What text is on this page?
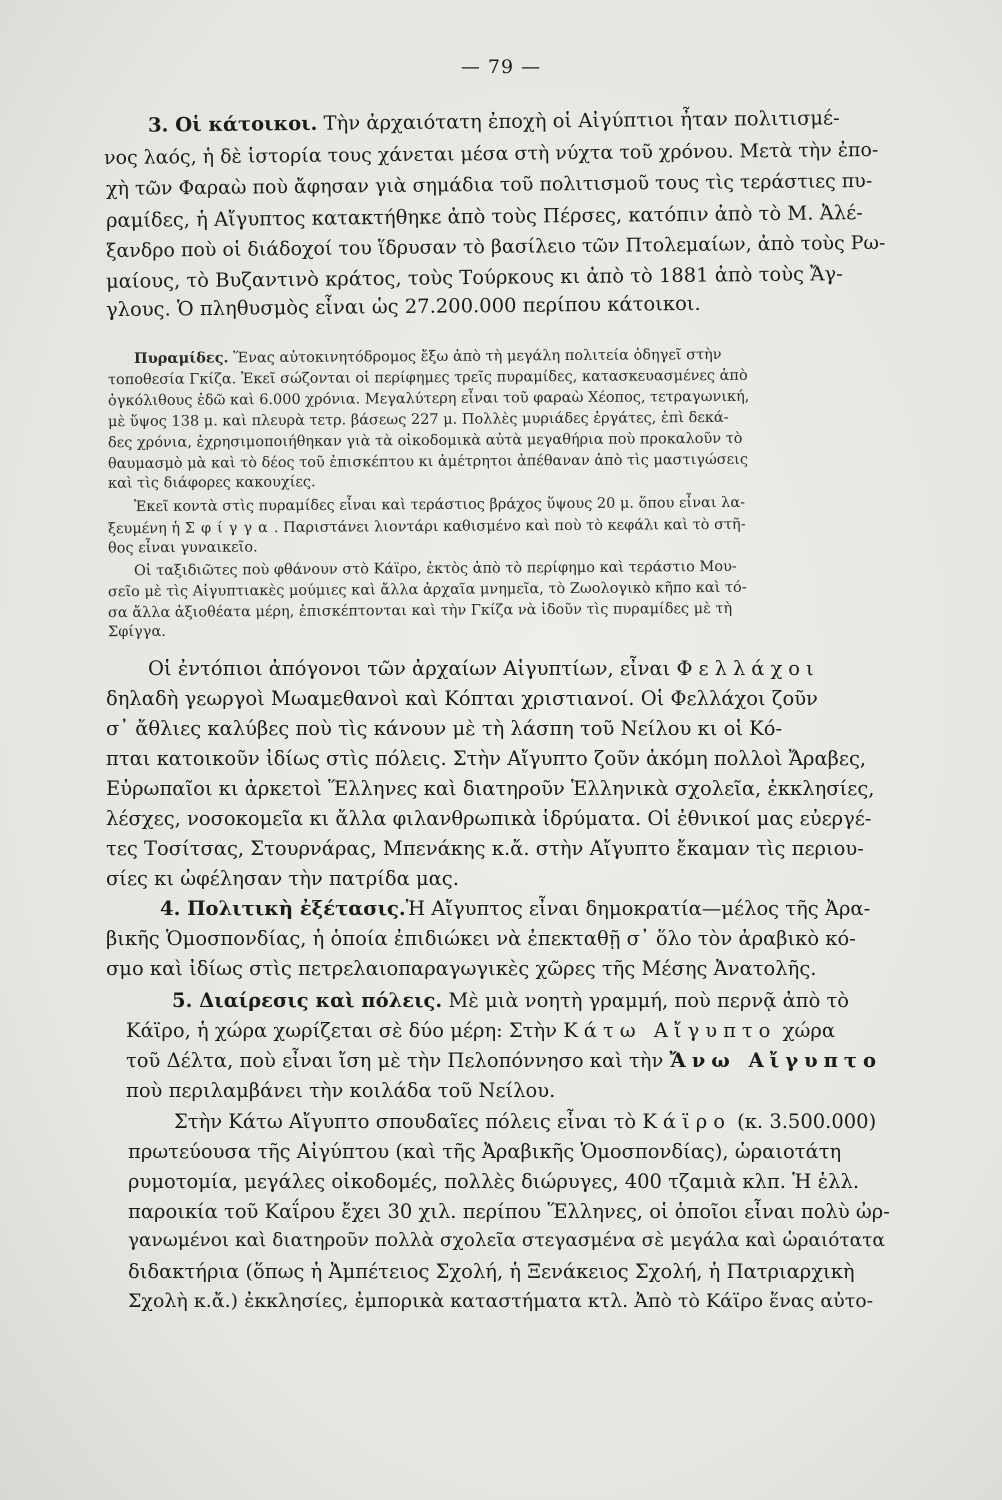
— 79 —
3. Οἱ κάτοικοι. Τὴν ἀρχαιότατη ἐποχὴ οἱ Αἰγύπτιοι ἦταν πολιτισμέ-
νος λαός, ἡ δὲ ἱστορία τους χάνεται μέσα στὴ νύχτα τοῦ χρόνου. Μετὰ τὴν ἐπο-
χὴ τῶν Φαραὼ ποὺ ἄφησαν γιὰ σημάδια τοῦ πολιτισμοῦ τους τὶς τεράστιες πυ-
ραμίδες, ἡ Αἴγυπτος κατακτήθηκε ἀπὸ τοὺς Πέρσες, κατόπιν ἀπὸ τὸ Μ. Ἀλέ-
ξανδρο ποὺ οἱ διάδοχοί του ἵδρυσαν τὸ βασίλειο τῶν Πτολεμαίων, ἀπὸ τοὺς Ρω-
μαίους, τὸ Βυζαντινὸ κράτος, τοὺς Τούρκους κι ἀπὸ τὸ 1881 ἀπὸ τοὺς Ἄγ-
γλους. Ὁ πληθυσμὸς εἶναι ὡς 27.200.000 περίπου κάτοικοι.
Πυραμίδες. Ἕνας αὐτοκινητόδρομος ἔξω ἀπὸ τὴ μεγάλη πολιτεία ὁδηγεῖ στὴν
τοποθεσία Γκίζα. Ἐκεῖ σώζονται οἱ περίφημες τρεῖς πυραμίδες, κατασκευασμένες ἀπὸ
ὀγκόλιθους ἐδῶ καὶ 6.000 χρόνια. Μεγαλύτερη εἶναι τοῦ φαραὼ Χέοπος, τετραγωνική,
μὲ ὕψος 138 μ. καὶ πλευρὰ τετρ. βάσεως 227 μ. Πολλὲς μυριάδες ἐργάτες, ἐπὶ δεκά-
δες χρόνια, ἐχρησιμοποιήθηκαν γιὰ τὰ οἰκοδομικὰ αὐτὰ μεγαθήρια ποὺ προκαλοῦν τὸ
θαυμασμὸ μὰ καὶ τὸ δέος τοῦ ἐπισκέπτου κι ἀμέτρητοι ἀπέθαναν ἀπὸ τὶς μαστιγώσεις
καὶ τὶς διάφορες κακουχίες.
Ἐκεῖ κοντὰ στὶς πυραμίδες εἶναι καὶ τεράστιος βράχος ὕψους 20 μ. ὅπου εἶναι λα-
ξευμένη ἡ Σφίγγα. Παριστάνει λιοντάρι καθισμένο καὶ ποὺ τὸ κεφάλι καὶ τὸ στῆ-
θος εἶναι γυναικεῖο.
Οἱ ταξιδιῶτες ποὺ φθάνουν στὸ Κάϊρο, ἐκτὸς ἀπὸ τὸ περίφημο καὶ τεράστιο Μου-
σεῖο μὲ τὶς Αἰγυπτιακὲς μούμιες καὶ ἄλλα ἀρχαῖα μνημεῖα, τὸ Ζωολογικὸ κῆπο καὶ τό-
σα ἄλλα ἀξιοθέατα μέρη, ἐπισκέπτονται καὶ τὴν Γκίζα νὰ ἰδοῦν τὶς πυραμίδες μὲ τὴ
Σφίγγα.
Οἱ ἐντόπιοι ἀπόγονοι τῶν ἀρχαίων Αἰγυπτίων, εἶναι Φελλάχοι
δηλαδὴ γεωργοὶ Μωαμεθανοὶ καὶ Κόπται χριστιανοί. Οἱ Φελλάχοι ζοῦν
σ᾽ ἄθλιες καλύβες ποὺ τὶς κάνουν μὲ τὴ λάσπη τοῦ Νείλου κι οἱ Κό-
πται κατοικοῦν ἰδίως στὶς πόλεις. Στὴν Αἴγυπτο ζοῦν ἀκόμη πολλοὶ Ἄραβες,
Εὐρωπαῖοι κι ἀρκετοὶ Ἕλληνες καὶ διατηροῦν Ἑλληνικὰ σχολεῖα, ἐκκλησίες,
λέσχες, νοσοκομεῖα κι ἄλλα φιλανθρωπικὰ ἱδρύματα. Οἱ ἐθνικοί μας εὐεργέ-
τες Τοσίτσας, Στουρνάρας, Μπενάκης κ.ἄ. στὴν Αἴγυπτο ἔκαμαν τὶς περιου-
σίες κι ὠφέλησαν τὴν πατρίδα μας.
4. Πολιτικὴ ἐξέτασις.Ἡ Αἴγυπτος εἶναι δημοκρατία—μέλος τῆς Ἀρα-
βικῆς Ὁμοσπονδίας, ἡ ὁποία ἐπιδιώκει νὰ ἐπεκταθῇ σ᾽ ὅλο τὸν ἀραβικὸ κό-
σμο καὶ ἰδίως στὶς πετρελαιοπαραγωγικὲς χῶρες τῆς Μέσης Ἀνατολῆς.
5. Διαίρεσις καὶ πόλεις. Μὲ μιὰ νοητὴ γραμμή, ποὺ περνᾷ ἀπὸ τὸ
Κάϊρο, ἡ χώρα χωρίζεται σὲ δύο μέρη: Στὴν Κάτω Αἴγυπτο χώρα
τοῦ Δέλτα, ποὺ εἶναι ἴση μὲ τὴν Πελοπόννησο καὶ τὴν Ἄνω Αἴγυπτο
ποὺ περιλαμβάνει τὴν κοιλάδα τοῦ Νείλου.
Στὴν Κάτω Αἴγυπτο σπουδαῖες πόλεις εἶναι τὸ Κάϊρο (κ. 3.500.000)
πρωτεύουσα τῆς Αἰγύπτου (καὶ τῆς Ἀραβικῆς Ὁμοσπονδίας), ὡραιοτάτη
ρυμοτομία, μεγάλες οἰκοδομές, πολλὲς διώρυγες, 400 τζαμιὰ κλπ. Ἡ ἑλλ.
παροικία τοῦ Καΐρου ἔχει 30 χιλ. περίπου Ἕλληνες, οἱ ὁποῖοι εἶναι πολὺ ὠρ-
γανωμένοι καὶ διατηροῦν πολλὰ σχολεῖα στεγασμένα σὲ μεγάλα καὶ ὡραιότατα
διδακτήρια (ὅπως ἡ Ἀμπέτειος Σχολή, ἡ Ξενάκειος Σχολή, ἡ Πατριαρχικὴ
Σχολὴ κ.ἄ.) ἐκκλησίες, ἐμπορικὰ καταστήματα κτλ. Ἀπὸ τὸ Κάϊρο ἕνας αὐτο-
